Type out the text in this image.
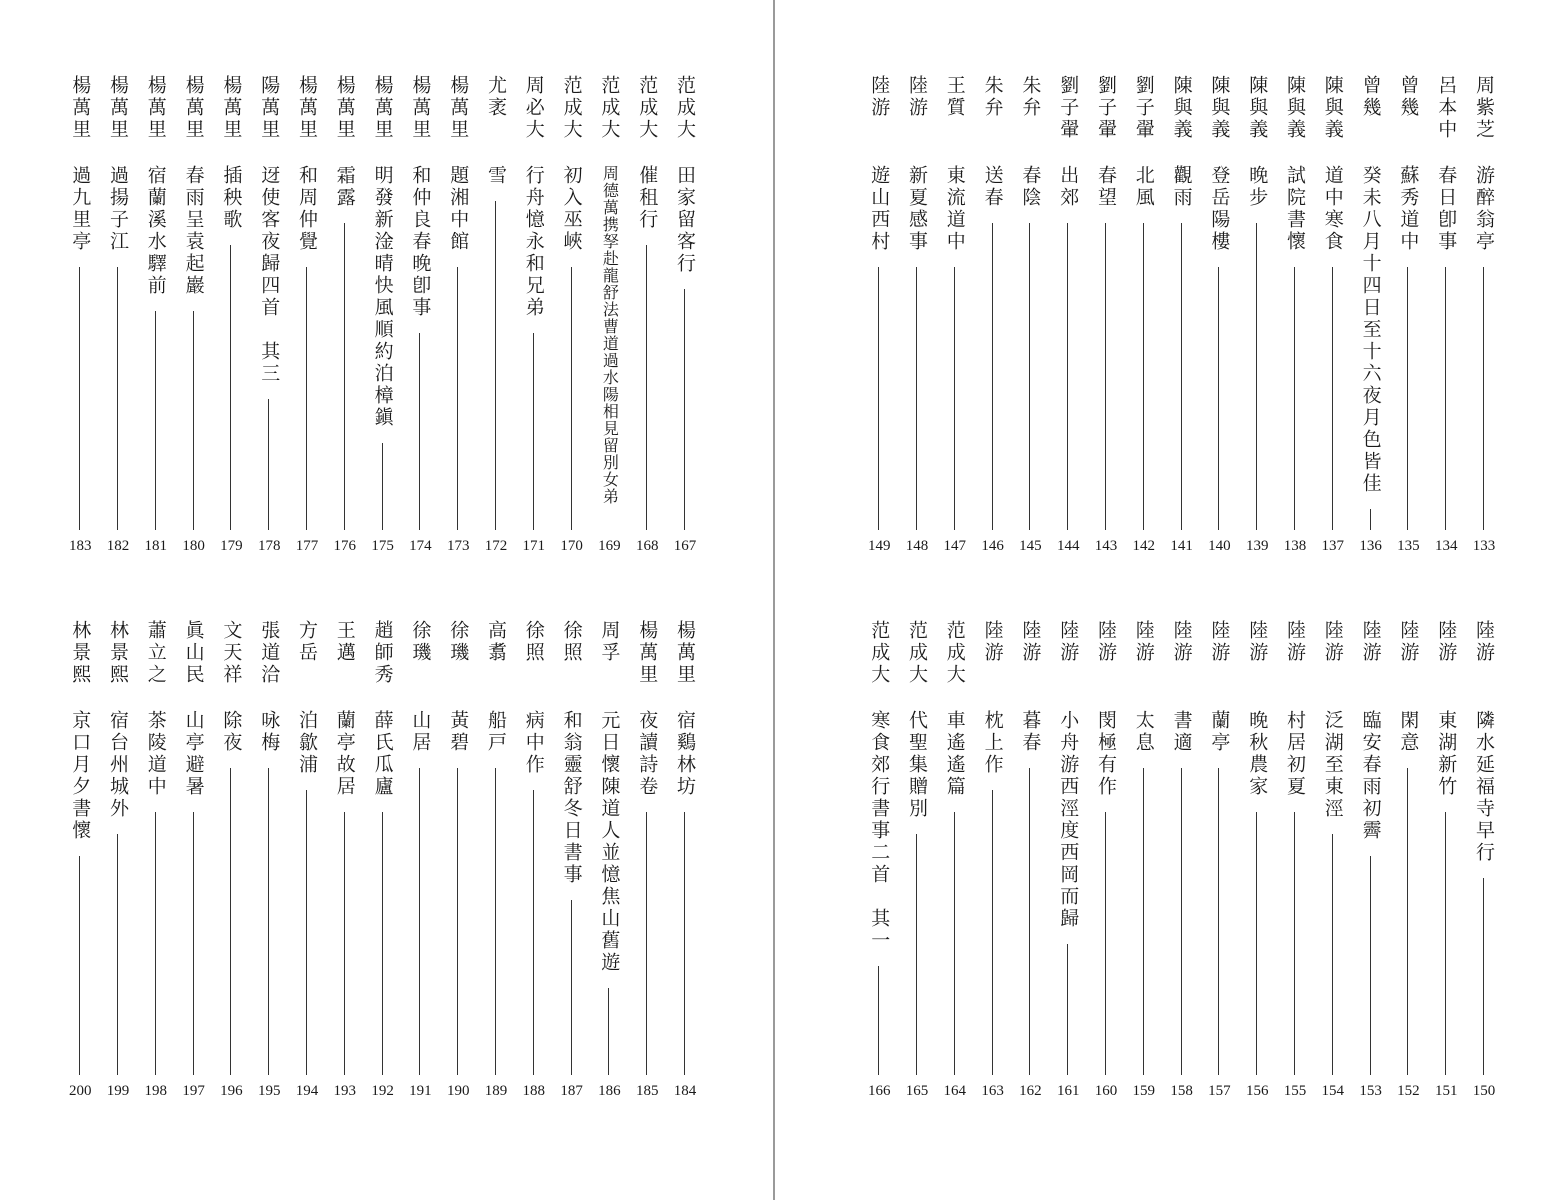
范成大
田家留客行
167
范成大
催租行
168
范成大
周德萬携孥赴龍舒法曹道過水陽相見留別女弟
169
范成大
初入巫峽
170
周必大
行舟憶永和兄弟
171
尤袤
雪
172
楊萬里
題湘中館
173
楊萬里
和仲良春晚卽事
174
楊萬里
明發新淦晴快風順約泊樟鎭
175
楊萬里
霜露
176
楊萬里
和周仲覺
177
陽萬里
迓使客夜歸四首　其三
178
楊萬里
插秧歌
179
楊萬里
春雨呈袁起巖
180
楊萬里
宿蘭溪水驛前
181
楊萬里
過揚子江
182
楊萬里
過九里亭
183
楊萬里
宿鷄林坊
184
楊萬里
夜讀詩卷
185
周孚
元日懷陳道人並憶焦山舊遊
186
徐照
和翁靈舒冬日書事
187
徐照
病中作
188
高翥
船戸
189
徐璣
黃碧
190
徐璣
山居
191
趙師秀
薛氏瓜廬
192
王邁
蘭亭故居
193
方岳
泊歙浦
194
張道洽
咏梅
195
文天祥
除夜
196
眞山民
山亭避暑
197
蕭立之
茶陵道中
198
林景熙
宿台州城外
199
林景熙
京口月夕書懷
200
周紫芝
游醉翁亭
133
呂本中
春日卽事
134
曾幾
蘇秀道中
135
曾幾
癸未八月十四日至十六夜月色皆佳
136
陳與義
道中寒食
137
陳與義
試院書懷
138
陳與義
晚步
139
陳與義
登岳陽樓
140
陳與義
觀雨
141
劉子翬
北風
142
劉子翬
春望
143
劉子翬
出郊
144
朱弁
春陰
145
朱弁
送春
146
王質
東流道中
147
陸游
新夏感事
148
陸游
遊山西村
149
陸游
隣水延福寺早行
150
陸游
東湖新竹
151
陸游
閑意
152
陸游
臨安春雨初霽
153
陸游
泛湖至東涇
154
陸游
村居初夏
155
陸游
晚秋農家
156
陸游
蘭亭
157
陸游
書適
158
陸游
太息
159
陸游
閔極有作
160
陸游
小舟游西涇度西岡而歸
161
陸游
暮春
162
陸游
枕上作
163
范成大
車遙遙篇
164
范成大
代聖集贈別
165
范成大
寒食郊行書事二首　其一
166
